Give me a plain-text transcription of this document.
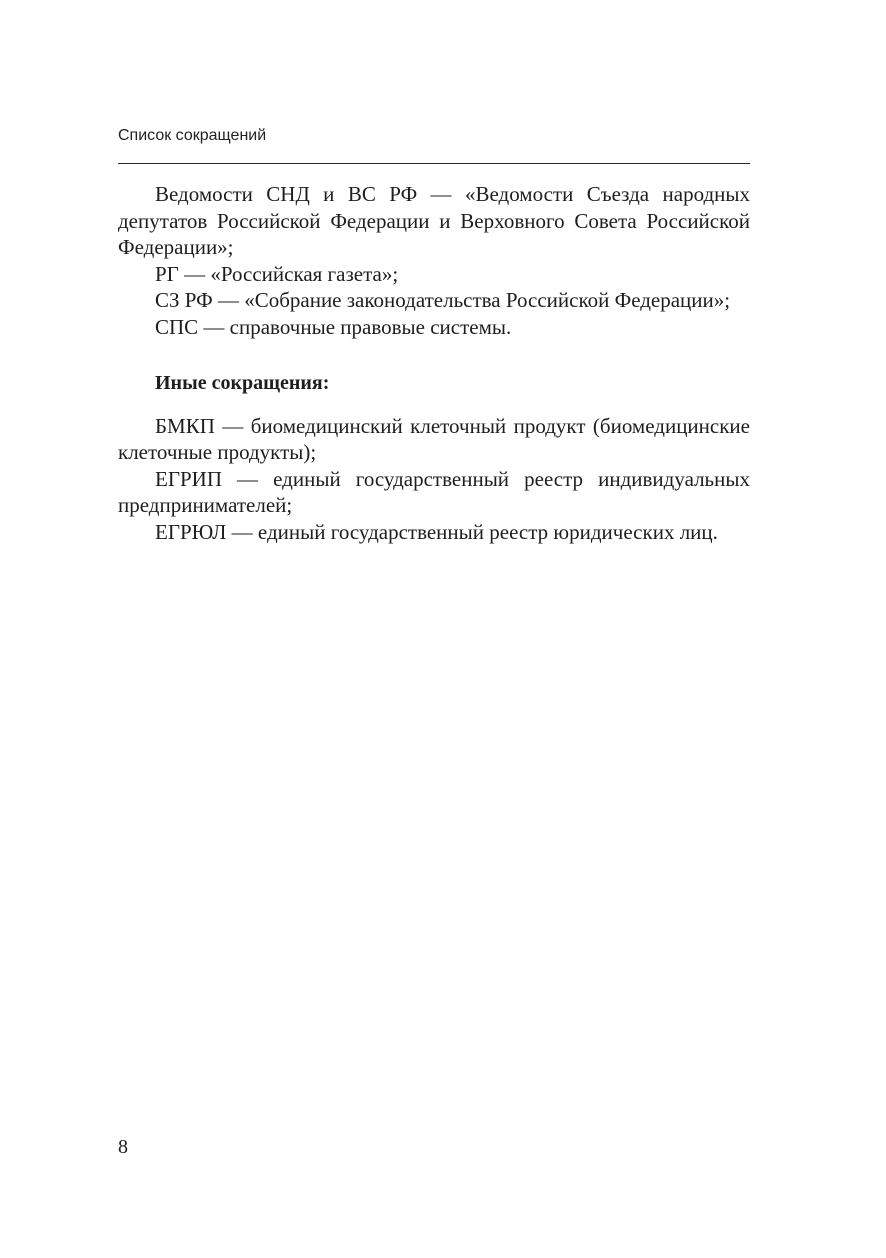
Список сокращений

Ведомости СНД и ВС РФ — «Ведомости Съезда народных депутатов Российской Федерации и Верховного Совета Российской Федерации»;

РГ — «Российская газета»;

СЗ РФ — «Собрание законодательства Российской Федерации»;

СПС — справочные правовые системы.

Иные сокращения:

БМКП — биомедицинский клеточный продукт (биомедицинские клеточные продукты);

ЕГРИП — единый государственный реестр индивидуальных предпринимателей;

ЕГРЮЛ — единый государственный реестр юридических лиц.

8
